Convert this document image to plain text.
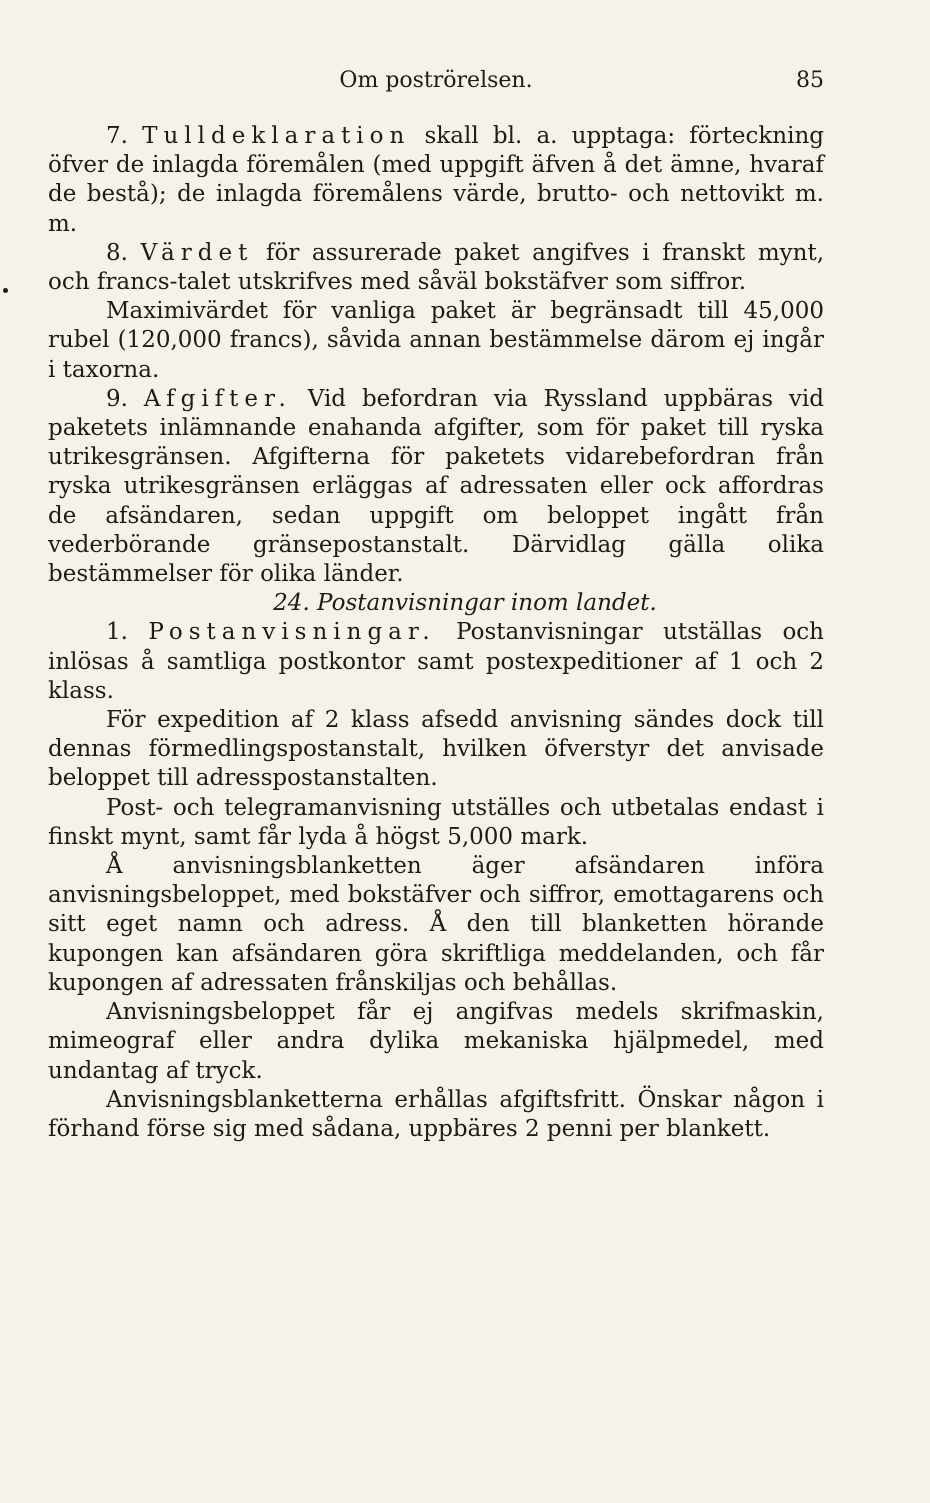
Om poströrelsen.	85

7. Tulldeklaration skall bl. a. upptaga: förteckning öfver de inlagda föremålen (med uppgift äfven å det ämne, hvaraf de bestå); de inlagda föremålens värde, brutto- och nettovikt m. m.

8. Värdet för assurerade paket angifves i franskt mynt, och francs-talet utskrifves med såväl bokstäfver som siffror.

Maximivärdet för vanliga paket är begränsadt till 45,000 rubel (120,000 francs), såvida annan bestämmelse därom ej ingår i taxorna.

9. Afgifter. Vid befordran via Ryssland uppbäras vid paketets inlämnande enahanda afgifter, som för paket till ryska utrikesgränsen. Afgifterna för paketets vidarebefordran från ryska utrikesgränsen erläggas af adressaten eller ock affordras de afsändaren, sedan uppgift om beloppet ingått från vederbörande gränsepostanstalt. Därvidlag gälla olika bestämmelser för olika länder.

24. Postanvisningar inom landet.

1. Postanvisningar. Postanvisningar utställas och inlösas å samtliga postkontor samt postexpeditioner af 1 och 2 klass.

För expedition af 2 klass afsedd anvisning sändes dock till dennas förmedlingspostanstalt, hvilken öfverstyr det anvisade beloppet till adresspostanstalten.

Post- och telegramanvisning utställes och utbetalas endast i finskt mynt, samt får lyda å högst 5,000 mark.

Å anvisningsblanketten äger afsändaren införa anvisningsbeloppet, med bokstäfver och siffror, emottagarens och sitt eget namn och adress. Å den till blanketten hörande kupongen kan afsändaren göra skriftliga meddelanden, och får kupongen af adressaten frånskiljas och behållas.

Anvisningsbeloppet får ej angifvas medels skrifmaskin, mimeograf eller andra dylika mekaniska hjälpmedel, med undantag af tryck.

Anvisningsblanketterna erhållas afgiftsfritt. Önskar någon i förhand förse sig med sådana, uppbäres 2 penni per blankett.
